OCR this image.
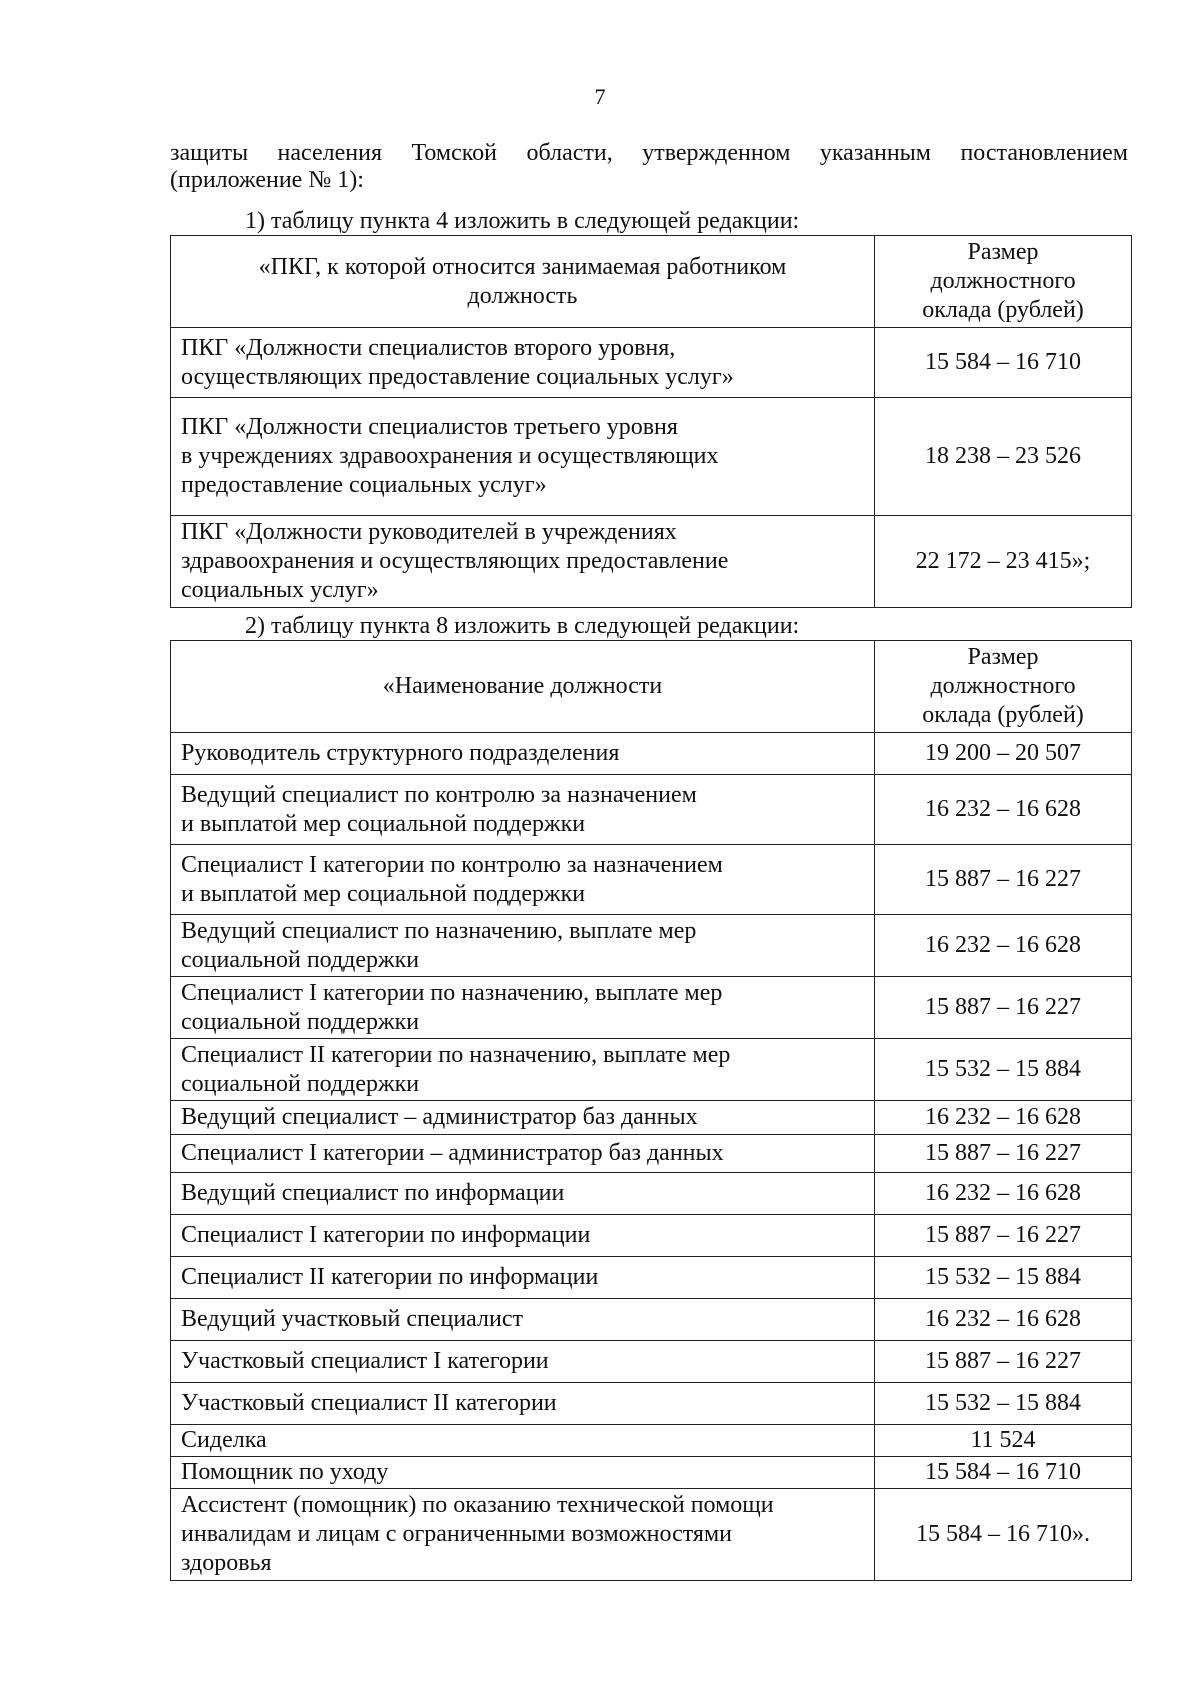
7
защиты населения Томской области, утвержденном указанным постановлением
(приложение № 1):
1) таблицу пункта 4 изложить в следующей редакции:
«ПКГ, к которой относится занимаемая работником должность	Размер
должностного
оклада (рублей)
ПКГ «Должности специалистов второго уровня,
осуществляющих предоставление социальных услуг»	15 584 – 16 710
ПКГ «Должности специалистов третьего уровня
в учреждениях здравоохранения и осуществляющих
предоставление социальных услуг»	18 238 – 23 526
ПКГ «Должности руководителей в учреждениях
здравоохранения и осуществляющих предоставление
социальных услуг»	22 172 – 23 415»;
2) таблицу пункта 8 изложить в следующей редакции:
«Наименование должности	Размер
должностного
оклада (рублей)
Руководитель структурного подразделения	19 200 – 20 507
Ведущий специалист по контролю за назначением
и выплатой мер социальной поддержки	16 232 – 16 628
Специалист I категории по контролю за назначением
и выплатой мер социальной поддержки	15 887 – 16 227
Ведущий специалист по назначению, выплате мер
социальной поддержки	16 232 – 16 628
Специалист I категории по назначению, выплате мер
социальной поддержки	15 887 – 16 227
Специалист II категории по назначению, выплате мер
социальной поддержки	15 532 – 15 884
Ведущий специалист – администратор баз данных	16 232 – 16 628
Специалист I категории – администратор баз данных	15 887 – 16 227
Ведущий специалист по информации	16 232 – 16 628
Специалист I категории по информации	15 887 – 16 227
Специалист II категории по информации	15 532 – 15 884
Ведущий участковый специалист	16 232 – 16 628
Участковый специалист I категории	15 887 – 16 227
Участковый специалист II категории	15 532 – 15 884
Сиделка	11 524
Помощник по уходу	15 584 – 16 710
Ассистент (помощник) по оказанию технической помощи
инвалидам и лицам с ограниченными возможностями
здоровья	15 584 – 16 710».
